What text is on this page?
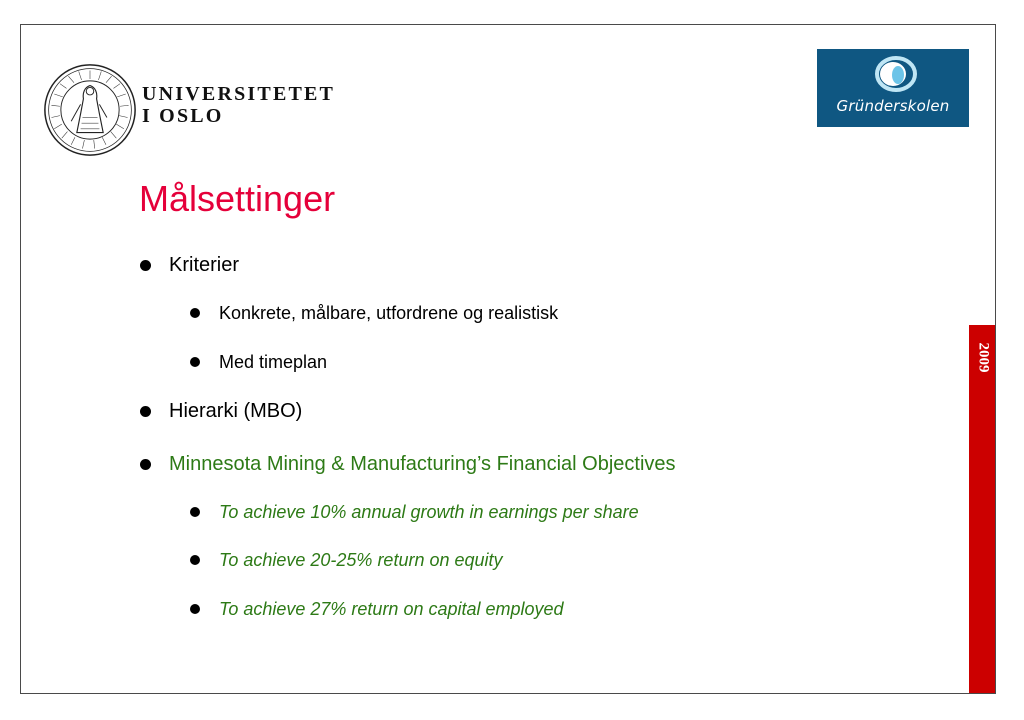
UNIVERSITETET
I OSLO	Gründerskolen
2009
Målsettinger
Kriterier
Konkrete, målbare, utfordrene og realistisk
Med timeplan
Hierarki (MBO)
Minnesota Mining & Manufacturing’s Financial Objectives
To achieve 10% annual growth in earnings per share
To achieve 20-25% return on equity
To achieve 27% return on capital employed
